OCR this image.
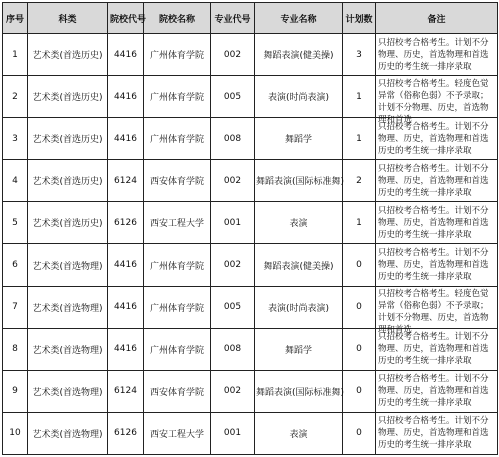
序号	科类	院校代号	院校名称	专业代号	专业名称	计划数	备注
1	艺术类(首选历史)	4416	广州体育学院	002	舞蹈表演(健美操)	3	只招校考合格考生。计划不分物理、历史，首选物理和首选历史的考生统一排序录取

2	艺术类(首选历史)	4416	广州体育学院	005	表演(时尚表演)	1	只招校考合格考生。轻度色觉异常（俗称色弱）不予录取；计划不分物理、历史，首选物理和首选

3	艺术类(首选历史)	4416	广州体育学院	008	舞蹈学	1	只招校考合格考生。计划不分物理、历史，首选物理和首选历史的考生统一排序录取

4	艺术类(首选历史)	6124	西安体育学院	002	舞蹈表演(国际标准舞)	2	只招校考合格考生。计划不分物理、历史，首选物理和首选历史的考生统一排序录取

5	艺术类(首选历史)	6126	西安工程大学	001	表演	1	只招校考合格考生。计划不分物理、历史，首选物理和首选历史的考生统一排序录取

6	艺术类(首选物理)	4416	广州体育学院	002	舞蹈表演(健美操)	0	只招校考合格考生。计划不分物理、历史，首选物理和首选历史的考生统一排序录取

7	艺术类(首选物理)	4416	广州体育学院	005	表演(时尚表演)	0	只招校考合格考生。轻度色觉异常（俗称色弱）不予录取；计划不分物理、历史，首选物理和首选

8	艺术类(首选物理)	4416	广州体育学院	008	舞蹈学	0	只招校考合格考生。计划不分物理、历史，首选物理和首选历史的考生统一排序录取

9	艺术类(首选物理)	6124	西安体育学院	002	舞蹈表演(国际标准舞)	0	只招校考合格考生。计划不分物理、历史，首选物理和首选历史的考生统一排序录取

10	艺术类(首选物理)	6126	西安工程大学	001	表演	0	只招校考合格考生。计划不分物理、历史，首选物理和首选历史的考生统一排序录取
